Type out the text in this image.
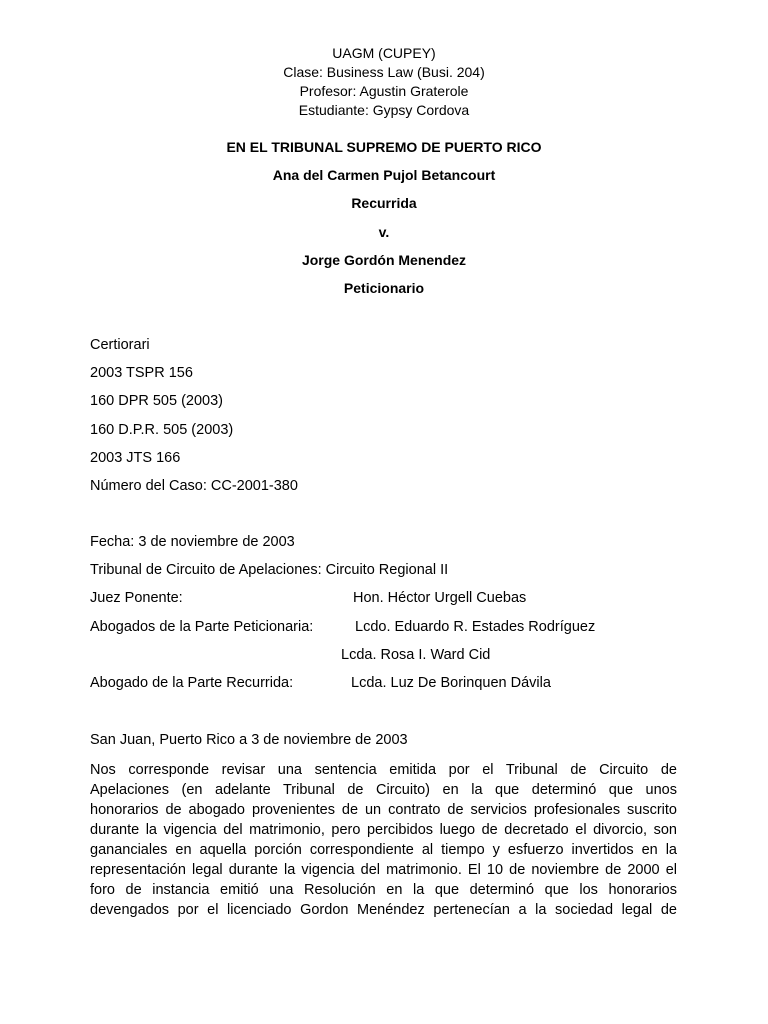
UAGM (CUPEY)
Clase: Business Law (Busi. 204)
Profesor: Agustin Graterole
Estudiante: Gypsy Cordova
EN EL TRIBUNAL SUPREMO DE PUERTO RICO
Ana del Carmen Pujol Betancourt
Recurrida
v.
Jorge Gordón Menendez
Peticionario
Certiorari
2003 TSPR 156
160 DPR 505 (2003)
160 D.P.R. 505 (2003)
2003 JTS 166
Número del Caso: CC-2001-380
Fecha: 3 de noviembre de 2003
Tribunal de Circuito de Apelaciones: Circuito Regional II
Juez Ponente:	Hon. Héctor Urgell Cuebas
Abogados de la Parte Peticionaria:	Lcdo. Eduardo R. Estades Rodríguez
Lcda. Rosa I. Ward Cid
Abogado de la Parte Recurrida:	Lcda. Luz De Borinquen Dávila
San Juan, Puerto Rico a 3 de noviembre de 2003
Nos corresponde revisar una sentencia emitida por el Tribunal de Circuito de
Apelaciones (en adelante Tribunal de Circuito) en la que determinó que unos
honorarios de abogado provenientes de un contrato de servicios profesionales suscrito
durante la vigencia del matrimonio, pero percibidos luego de decretado el divorcio, son
gananciales en aquella porción correspondiente al tiempo y esfuerzo invertidos en la
representación legal durante la vigencia del matrimonio. El 10 de noviembre de 2000 el
foro de instancia emitió una Resolución en la que determinó que los honorarios
devengados por el licenciado Gordon Menéndez pertenecían a la sociedad legal de
